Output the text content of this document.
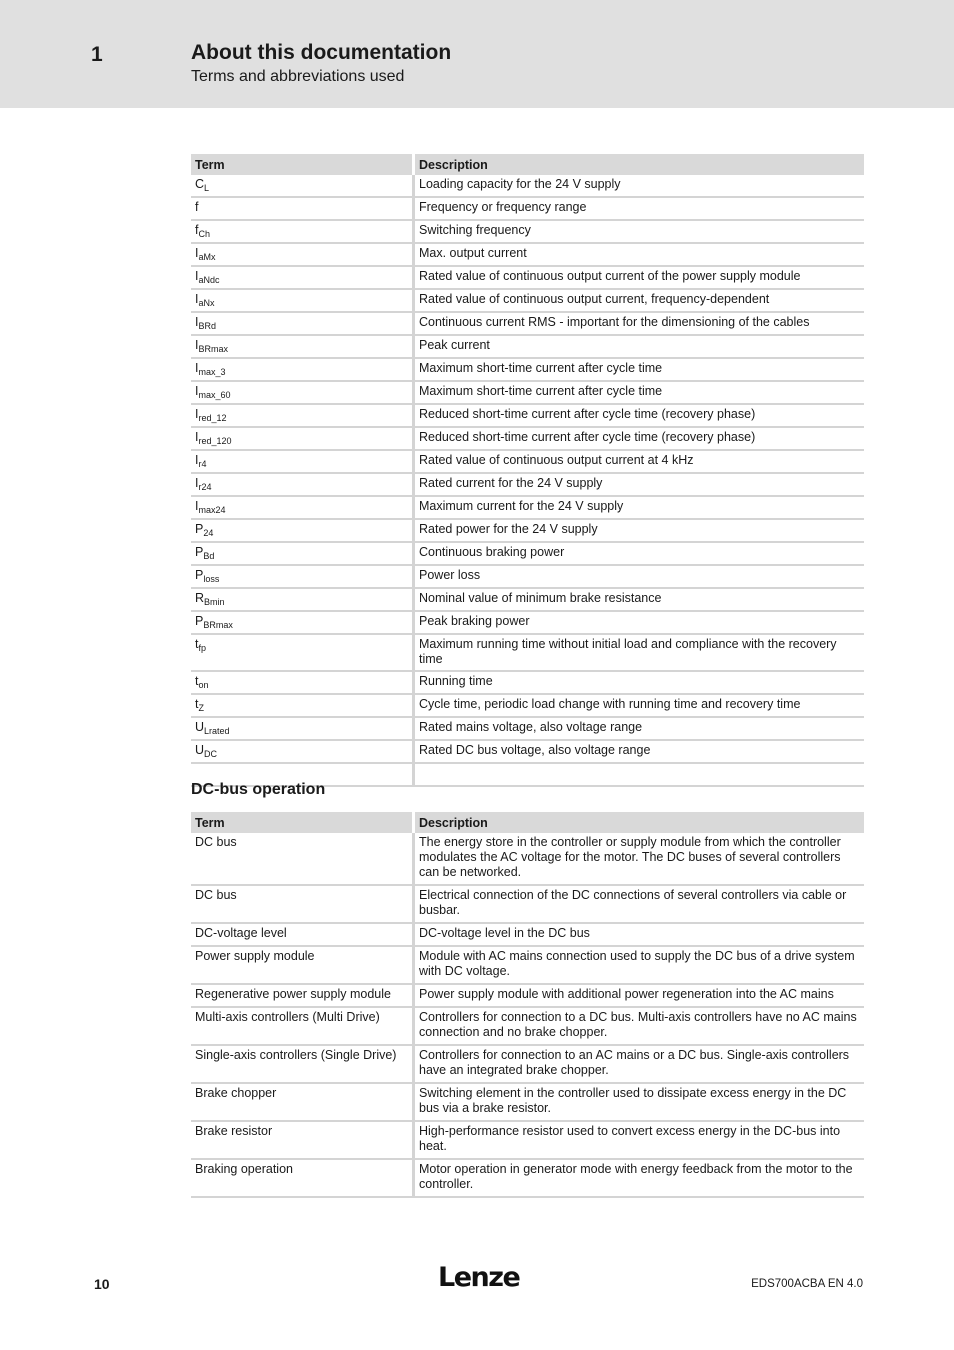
1	About this documentation
Terms and abbreviations used
Term	Description
$C_L$	Loading capacity for the 24 V supply
f	Frequency or frequency range
$f_{Ch}$	Switching frequency
$I_{aMx}$	Max. output current
$I_{aNdc}$	Rated value of continuous output current of the power supply module
$I_{aNx}$	Rated value of continuous output current, frequency-dependent
$I_{BRd}$	Continuous current RMS - important for the dimensioning of the cables
$I_{BRmax}$	Peak current
$I_{max\_3}$	Maximum short-time current after cycle time
$I_{max\_60}$	Maximum short-time current after cycle time
$I_{red\_12}$	Reduced short-time current after cycle time (recovery phase)
$I_{red\_120}$	Reduced short-time current after cycle time (recovery phase)
$I_{r4}$	Rated value of continuous output current at 4 kHz
$I_{r24}$	Rated current for the 24 V supply
$I_{max24}$	Maximum current for the 24 V supply
$P_{24}$	Rated power for the 24 V supply
$P_{Bd}$	Continuous braking power
$P_{loss}$	Power loss
$R_{Bmin}$	Nominal value of minimum brake resistance
$P_{BRmax}$	Peak braking power
$t_{fp}$	Maximum running time without initial load and compliance with the recovery time
$t_{on}$	Running time
$t_Z$	Cycle time, periodic load change with running time and recovery time
$U_{Lrated}$	Rated mains voltage, also voltage range
$U_{DC}$	Rated DC bus voltage, also voltage range

DC-bus operation
Term	Description
DC bus	The energy store in the controller or supply module from which the controller modulates the AC voltage for the motor. The DC buses of several controllers can be networked.
DC bus	Electrical connection of the DC connections of several controllers via cable or busbar.
DC-voltage level	DC-voltage level in the DC bus
Power supply module	Module with AC mains connection used to supply the DC bus of a drive system with DC voltage.
Regenerative power supply module	Power supply module with additional power regeneration into the AC mains
Multi-axis controllers (Multi Drive)	Controllers for connection to a DC bus. Multi-axis controllers have no AC mains connection and no brake chopper.
Single-axis controllers (Single Drive)	Controllers for connection to an AC mains or a DC bus. Single-axis controllers have an integrated brake chopper.
Brake chopper	Switching element in the controller used to dissipate excess energy in the DC bus via a brake resistor.
Brake resistor	High-performance resistor used to convert excess energy in the DC-bus into heat.
Braking operation	Motor operation in generator mode with energy feedback from the motor to the controller.
10	Lenze	EDS700ACBA EN 4.0
